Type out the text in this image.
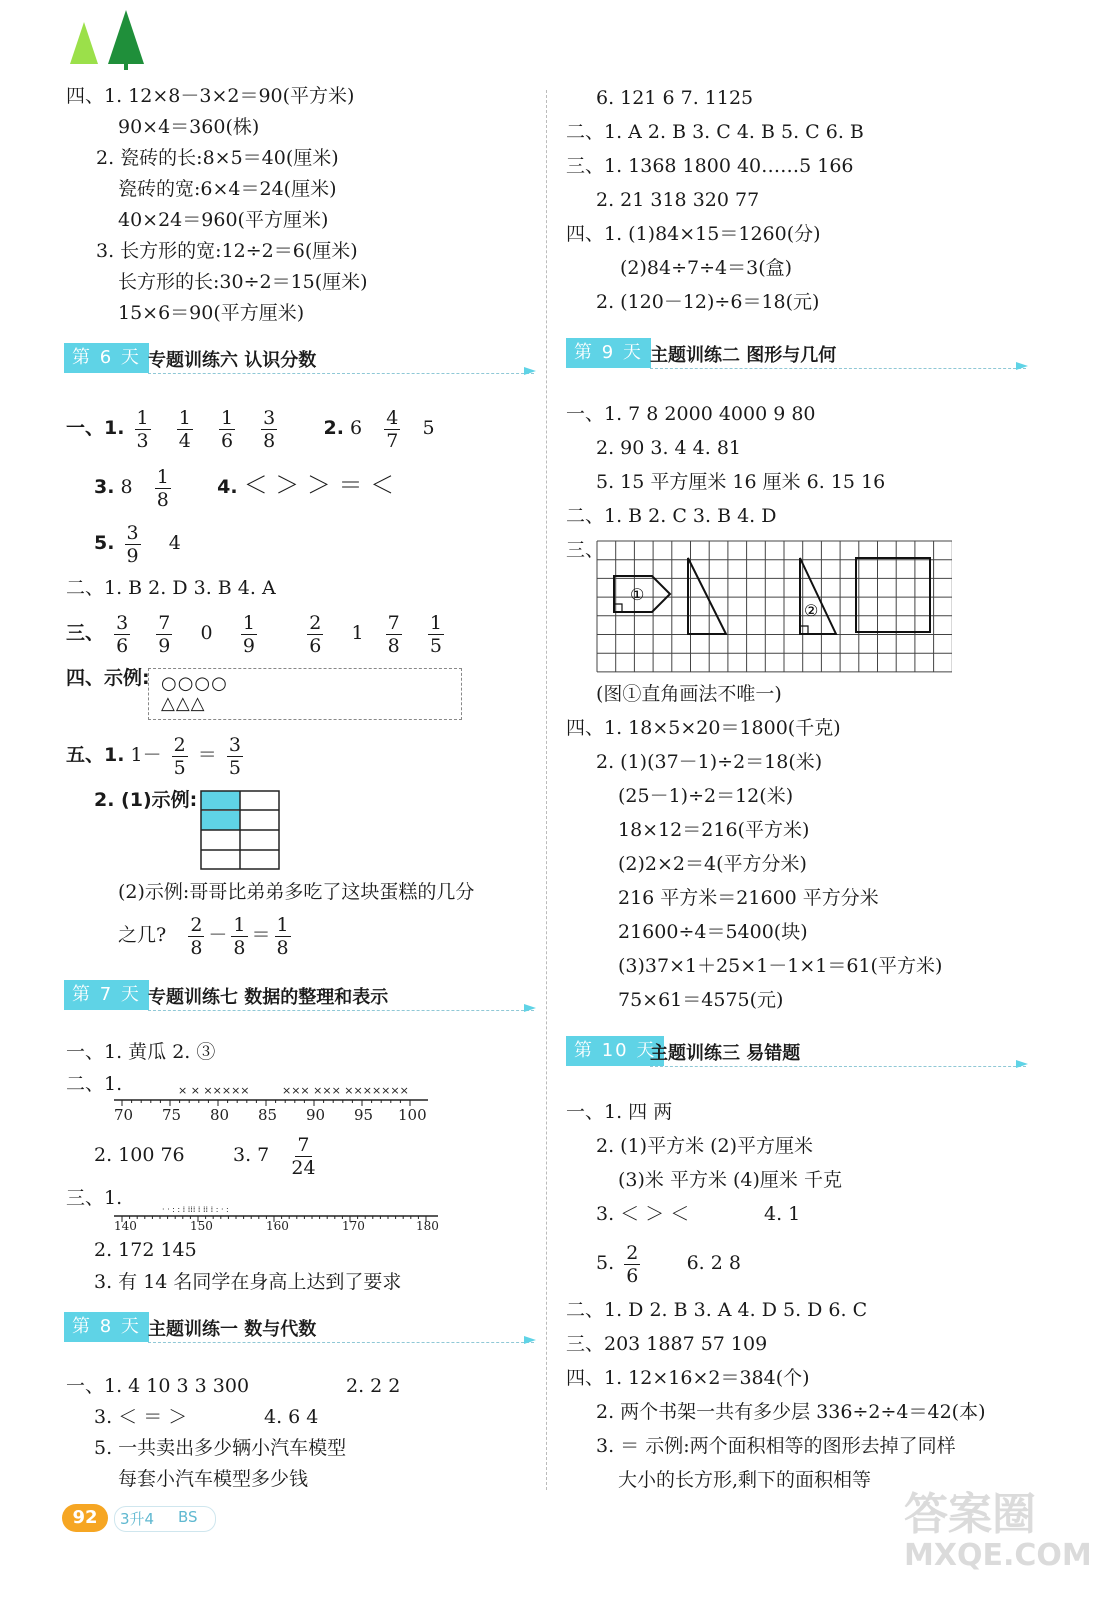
四、1. 12×8－3×2＝90(平方米)
90×4＝360(株)
2. 瓷砖的长:8×5＝40(厘米)
瓷砖的宽:6×4＝24(厘米)
40×24＝960(平方厘米)
3. 长方形的宽:12÷2＝6(厘米)
长方形的长:30÷2＝15(厘米)
15×6＝90(平方厘米)
第 6 天 专题训练六 认识分数
一、1. $\frac{1}{3}$
$\frac{1}{4}$
$\frac{1}{6}$
$\frac{3}{8} 2$. $6 \frac{4}{7} 5$
3. $8 \frac{1}{8} 4$. ＜ ＞ ＞ ＝ ＜
5. $\frac{3}{9} 4$
二、1. B 2. D 3. B 4. A
三、 $\frac{3}{6}$
$\frac{7}{9} 0 \frac{1}{9}$
	$\frac{2}{6} 1 \frac{7}{8}$
$\frac{1}{5}$
四、示例: ○○○○
△△△
五、1. $1- \frac{2}{5} = \frac{3}{5}$
2. (1)示例:
(2)示例:哥哥比弟弟多吃了这块蛋糕的几分
之几? $\frac{2}{8} - \frac{1}{8} = \frac{1}{8}$
第 7 天 专题训练七 数据的整理和表示
一、1. 黄瓜 2. ③
二、1.	× × ×××××	××× ××× ×××××××
70 75 80 85 90 95 100
2. 100 76	3. $7 \frac{7}{24}$
三、1.
· · : : ⁞ ⁞⁞⁞ ⁞ ⁞⁞ ⁞ : · :
140	150	160	170	180
2. 172 145
3. 有 14 名同学在身高上达到了要求
第 8 天 主题训练一 数与代数
一、1. 4 10 3 3 300	2. 2 2
3. ＜ ＝ ＞	4. 6 4
5. 一共卖出多少辆小汽车模型
每套小汽车模型多少钱
6. 121 6 7. 1125
二、1. A 2. B 3. C 4. B 5. C 6. B
三、1. 1368 1800 40……5 166
2. 21 318 320 77
四、1. (1)84×15＝1260(分)
(2)84÷7÷4＝3(盒)
2. (120－12)÷6＝18(元)
第 9 天 主题训练二 图形与几何
一、1. 7 8 2000 4000 9 80
2. 90 3. 4 4. 81
5. 15 平方厘米 16 厘米 6. 15 16
二、1. B 2. C 3. B 4. D
三、
①
②
(图①直角画法不唯一)
四、1. 18×5×20＝1800(千克)
2. (1)(37－1)÷2＝18(米)
(25－1)÷2＝12(米)
18×12＝216(平方米)
(2)2×2＝4(平方分米)
216 平方米＝21600 平方分米
21600÷4＝5400(块)
(3)37×1＋25×1－1×1＝61(平方米)
75×61＝4575(元)
第 10 天
主题训练三 易错题
一、1. 四 两
2. (1)平方米 (2)平方厘米
(3)米 平方米 (4)厘米 千克
3. ＜ ＞ ＜	4. 1
5. $\frac{2}{6} 6$. 2 8
二、1. D 2. B 3. A 4. D 5. D 6. C
三、203 1887 57 109
四、1. 12×16×2＝384(个)
2. 两个书架一共有多少层 336÷2÷4＝42(本)
3. ＝ 示例:两个面积相等的图形去掉了同样
大小的长方形,剩下的面积相等
92	3升4 BS	答案圈
MXQE.COM
